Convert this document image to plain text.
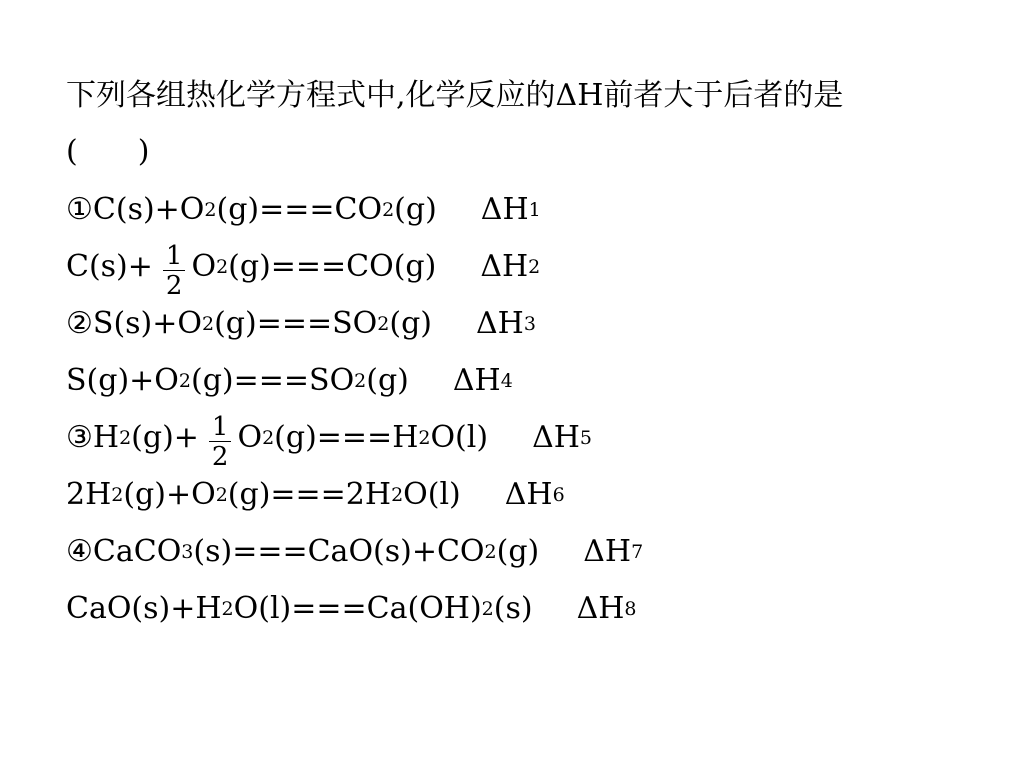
下列各组热化学方程式中,化学反应的ΔH前者大于后者的是
(　　)
① C(s)+O 2 (g)===CO 2 (g) ΔH 1
$C(s)+ \frac{1}{2}$ O 2 (g)===CO(g) ΔH 2
② S(s)+O 2 (g)===SO 2 (g) ΔH 3
S(g)+O 2 (g)===SO 2 (g) ΔH 4
③ H 2 $(g)+ \frac{1}{2}$ O 2 (g)===H 2 O(l) ΔH 5
2H 2 (g)+O 2 (g)===2H 2 O(l) ΔH 6
④ CaCO 3 (s)===CaO(s)+CO 2 (g) ΔH 7
CaO(s)+H 2 O(l)===Ca(OH) 2 (s) ΔH 8
